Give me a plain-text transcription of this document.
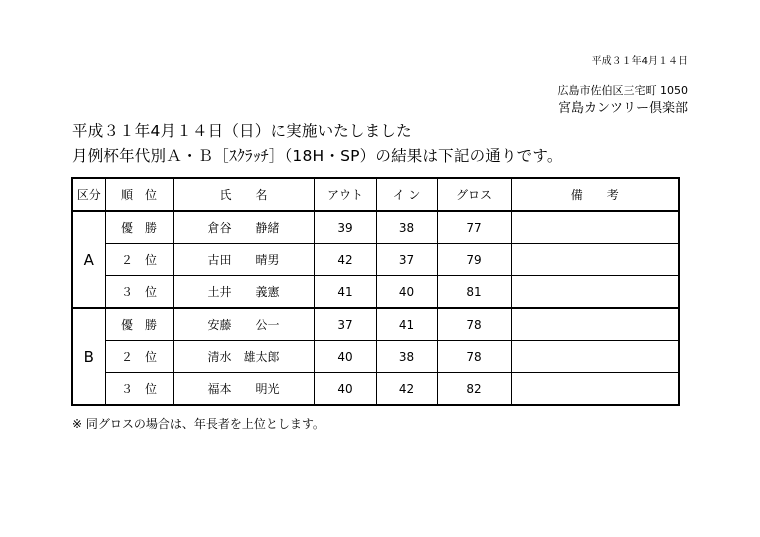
平成３１年4月１４日
広島市佐伯区三宅町 1050
宮島カンツリー倶楽部
平成３１年4月１４日（日）に実施いたしました
月例杯年代別Ａ・Ｂ［ｽｸﾗｯﾁ］（18H・SP）の結果は下記の通りです。
区分	順　位	氏　　名	アウト	イ ン	グロス	備　　考
A	優　勝	倉谷　　静緒	39	38	77	
	２　位	古田　　晴男	42	37	79	
	３　位	土井　　義憲	41	40	81	
B	優　勝	安藤　　公一	37	41	78	
	２　位	清水　雄太郎	40	38	78	
	３　位	福本　　明光	40	42	82	
※ 同グロスの場合は、年長者を上位とします。
